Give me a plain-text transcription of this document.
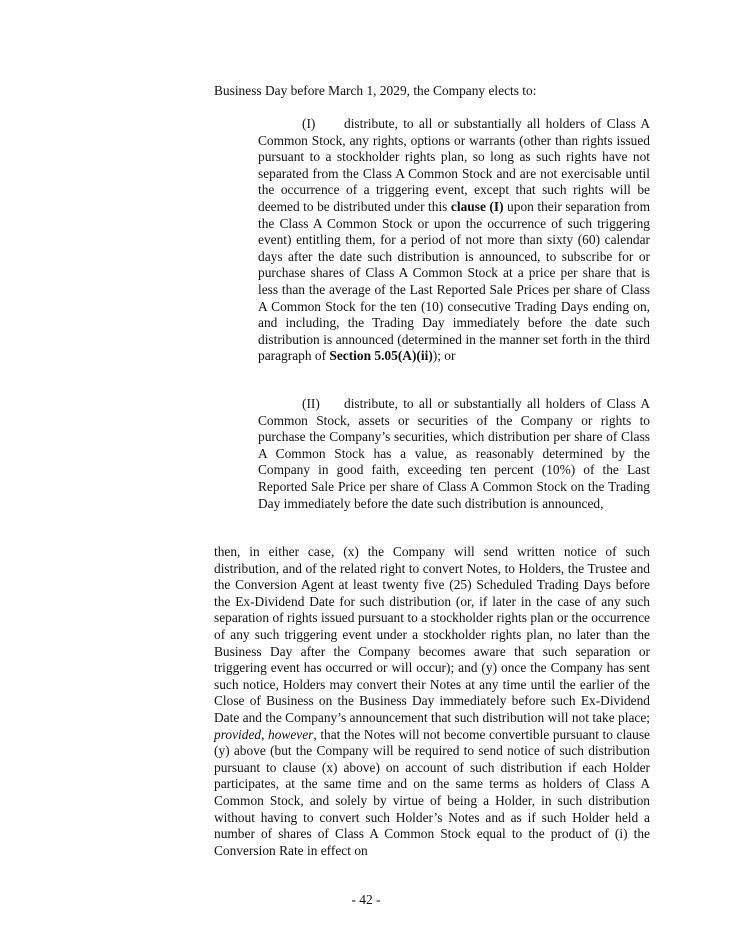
Business Day before March 1, 2029, the Company elects to:

(I) distribute, to all or substantially all holders of Class A Common Stock, any rights, options or warrants (other than rights issued pursuant to a stockholder rights plan, so long as such rights have not separated from the Class A Common Stock and are not exercisable until the occurrence of a triggering event, except that such rights will be deemed to be distributed under this clause (I) upon their separation from the Class A Common Stock or upon the occurrence of such triggering event) entitling them, for a period of not more than sixty (60) calendar days after the date such distribution is announced, to subscribe for or purchase shares of Class A Common Stock at a price per share that is less than the average of the Last Reported Sale Prices per share of Class A Common Stock for the ten (10) consecutive Trading Days ending on, and including, the Trading Day immediately before the date such distribution is announced (determined in the manner set forth in the third paragraph of Section 5.05(A)(ii)); or

(II) distribute, to all or substantially all holders of Class A Common Stock, assets or securities of the Company or rights to purchase the Company’s securities, which distribution per share of Class A Common Stock has a value, as reasonably determined by the Company in good faith, exceeding ten percent (10%) of the Last Reported Sale Price per share of Class A Common Stock on the Trading Day immediately before the date such distribution is announced,

then, in either case, (x) the Company will send written notice of such distribution, and of the related right to convert Notes, to Holders, the Trustee and the Conversion Agent at least twenty five (25) Scheduled Trading Days before the Ex-Dividend Date for such distribution (or, if later in the case of any such separation of rights issued pursuant to a stockholder rights plan or the occurrence of any such triggering event under a stockholder rights plan, no later than the Business Day after the Company becomes aware that such separation or triggering event has occurred or will occur); and (y) once the Company has sent such notice, Holders may convert their Notes at any time until the earlier of the Close of Business on the Business Day immediately before such Ex-Dividend Date and the Company’s announcement that such distribution will not take place; provided, however, that the Notes will not become convertible pursuant to clause (y) above (but the Company will be required to send notice of such distribution pursuant to clause (x) above) on account of such distribution if each Holder participates, at the same time and on the same terms as holders of Class A Common Stock, and solely by virtue of being a Holder, in such distribution without having to convert such Holder’s Notes and as if such Holder held a number of shares of Class A Common Stock equal to the product of (i) the Conversion Rate in effect on

- 42 -
